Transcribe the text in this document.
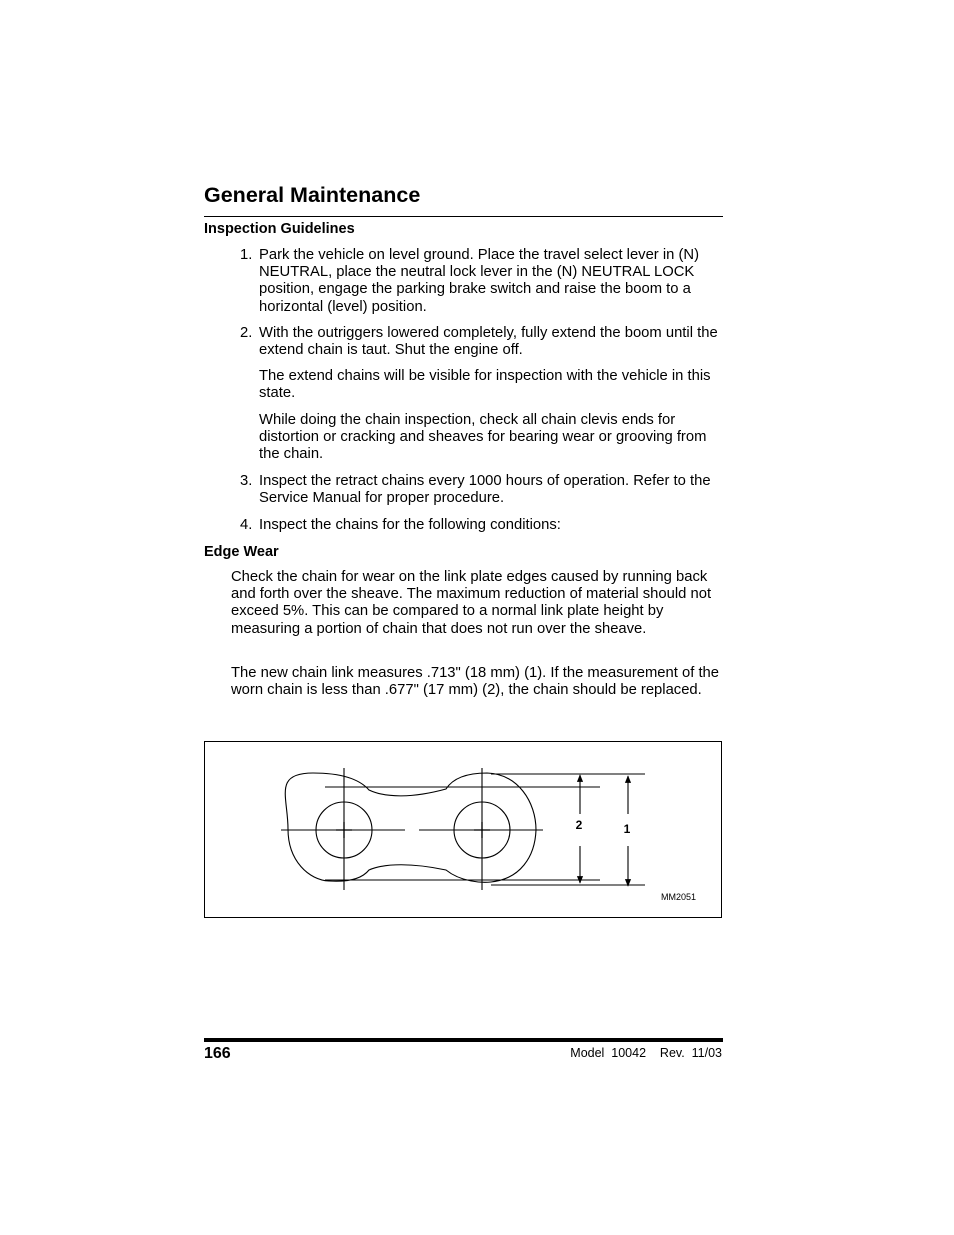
General Maintenance
Inspection Guidelines
1. Park the vehicle on level ground. Place the travel select lever in (N) NEUTRAL, place the neutral lock lever in the (N) NEUTRAL LOCK position, engage the parking brake switch and raise the boom to a horizontal (level) position.
2. With the outriggers lowered completely, fully extend the boom until the extend chain is taut. Shut the engine off.
The extend chains will be visible for inspection with the vehicle in this state.
While doing the chain inspection, check all chain clevis ends for distortion or cracking and sheaves for bearing wear or grooving from the chain.
3. Inspect the retract chains every 1000 hours of operation. Refer to the Service Manual for proper procedure.
4. Inspect the chains for the following conditions:
Edge Wear
Check the chain for wear on the link plate edges caused by running back and forth over the sheave. The maximum reduction of material should not exceed 5%. This can be compared to a normal link plate height by measuring a portion of chain that does not run over the sheave.
The new chain link measures .713" (18 mm) (1). If the measurement of the worn chain is less than .677" (17 mm) (2), the chain should be replaced.
2	1
MM2051
166	Model  10042    Rev.  11/03
